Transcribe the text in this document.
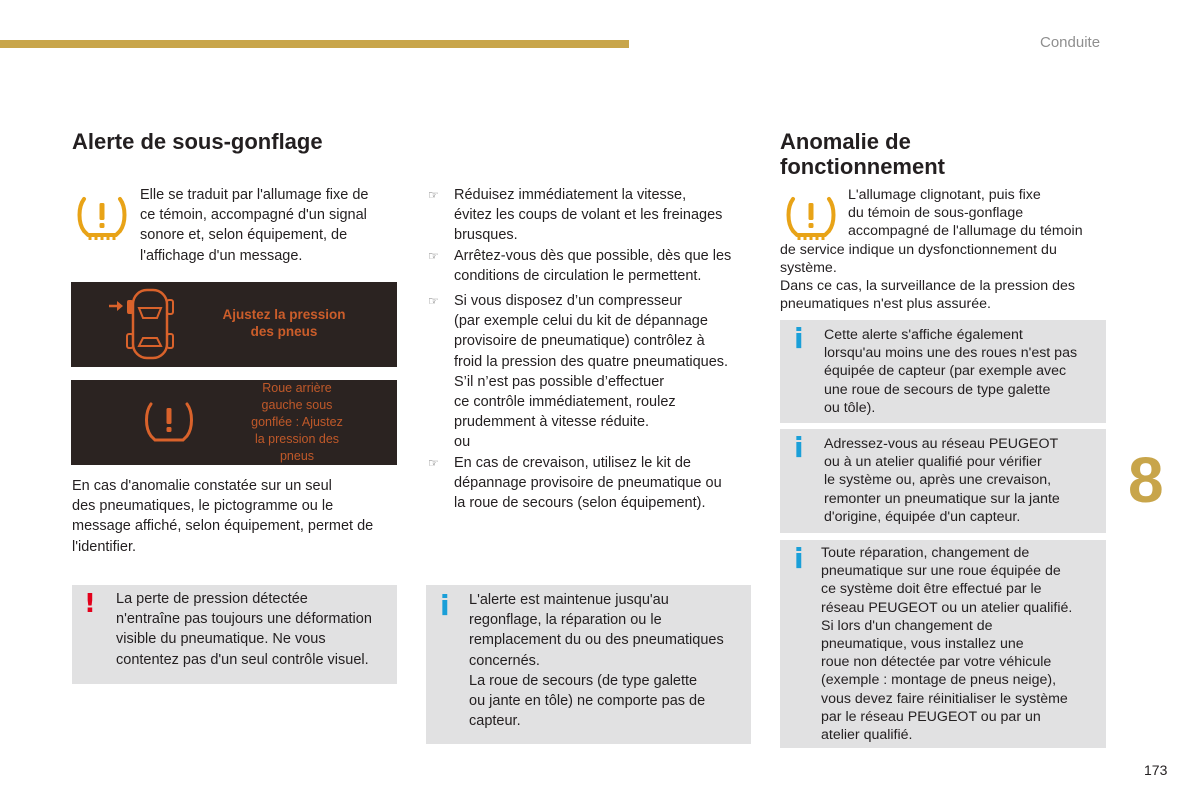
Conduite
Alerte de sous-gonflage
Elle se traduit par l'allumage fixe de
ce témoin, accompagné d'un signal
sonore et, selon équipement, de
l'affichage d'un message.
Ajustez la pression
des pneus
Roue arrière
gauche sous
gonflée : Ajustez
la pression des
pneus
En cas d'anomalie constatée sur un seul
des pneumatiques, le pictogramme ou le
message affiché, selon équipement, permet de
l'identifier.
! La perte de pression détectée
n'entraîne pas toujours une déformation
visible du pneumatique. Ne vous
contentez pas d'un seul contrôle visuel.
☞ Réduisez immédiatement la vitesse,
évitez les coups de volant et les freinages
brusques.
☞ Arrêtez-vous dès que possible, dès que les
conditions de circulation le permettent.
☞ Si vous disposez d’un compresseur
(par exemple celui du kit de dépannage
provisoire de pneumatique) contrôlez à
froid la pression des quatre pneumatiques.
S’il n’est pas possible d’effectuer
ce contrôle immédiatement, roulez
prudemment à vitesse réduite.
ou
☞ En cas de crevaison, utilisez le kit de
dépannage provisoire de pneumatique ou
la roue de secours (selon équipement).
i L'alerte est maintenue jusqu'au
regonflage, la réparation ou le
remplacement du ou des pneumatiques
concernés.
La roue de secours (de type galette
ou jante en tôle) ne comporte pas de
capteur.
Anomalie de
fonctionnement
L'allumage clignotant, puis fixe
du témoin de sous-gonflage
accompagné de l'allumage du témoin
de service indique un dysfonctionnement du
système.
Dans ce cas, la surveillance de la pression des
pneumatiques n'est plus assurée.
i Cette alerte s'affiche également
lorsqu'au moins une des roues n'est pas
équipée de capteur (par exemple avec
une roue de secours de type galette
ou tôle).
i Adressez-vous au réseau PEUGEOT
ou à un atelier qualifié pour vérifier
le système ou, après une crevaison,
remonter un pneumatique sur la jante
d'origine, équipée d'un capteur.
i Toute réparation, changement de
pneumatique sur une roue équipée de
ce système doit être effectué par le
réseau PEUGEOT ou un atelier qualifié.
Si lors d'un changement de
pneumatique, vous installez une
roue non détectée par votre véhicule
(exemple : montage de pneus neige),
vous devez faire réinitialiser le système
par le réseau PEUGEOT ou par un
atelier qualifié.
8
173
